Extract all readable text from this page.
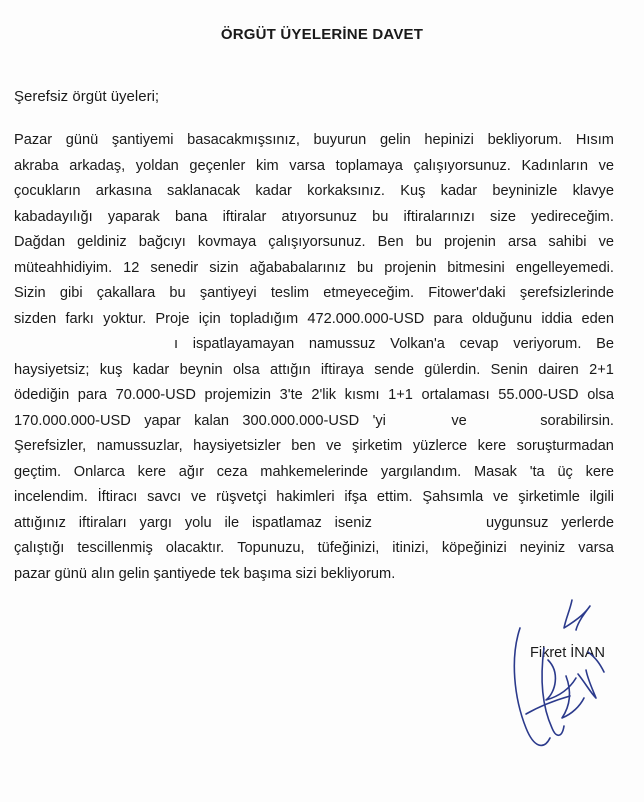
ÖRGÜT ÜYELERİNE DAVET
Şerefsiz örgüt üyeleri;
Pazar günü şantiyemi basacakmışsınız, buyurun gelin hepinizi bekliyorum. Hısım
akraba arkadaş, yoldan geçenler kim varsa toplamaya çalışıyorsunuz. Kadınların ve
çocukların arkasına saklanacak kadar korkaksınız. Kuş kadar beyninizle klavye
kabadayılığı yaparak bana iftiralar atıyorsunuz bu iftiralarınızı size yedireceğim.
Dağdan geldiniz bağcıyı kovmaya çalışıyorsunuz. Ben bu projenin arsa sahibi ve
müteahhidiyim. 12 senedir sizin ağababalarınız bu projenin bitmesini engelleyemedi.
Sizin gibi çakallara bu şantiyeyi teslim etmeyeceğim. Fitower'daki şerefsizlerinde
sizden farkı yoktur. Proje için topladığım 472.000.000-USD para olduğunu iddia eden
ı ispatlayamayan namussuz Volkan'a cevap veriyorum. Be
haysiyetsiz; kuş kadar beynin olsa attığın iftiraya sende gülerdin. Senin dairen 2+1
ödediğin para 70.000-USD projemizin 3'te 2'lik kısmı 1+1 ortalaması 55.000-USD olsa
170.000.000-USD yapar kalan 300.000.000-USD 'yi	ve	sorabilirsin.
Şerefsizler, namussuzlar, haysiyetsizler ben ve şirketim yüzlerce kere soruşturmadan
geçtim. Onlarca kere ağır ceza mahkemelerinde yargılandım. Masak 'ta üç kere
incelendim. İftiracı savcı ve rüşvetçi hakimleri ifşa ettim. Şahsımla ve şirketimle ilgili
attığınız iftiraları yargı yolu ile ispatlamaz iseniz	uygunsuz yerlerde
çalıştığı tescillenmiş olacaktır. Topunuzu, tüfeğinizi, itinizi, köpeğinizi neyiniz varsa
pazar günü alın gelin şantiyede tek başıma sizi bekliyorum.
Fikret İNAN
